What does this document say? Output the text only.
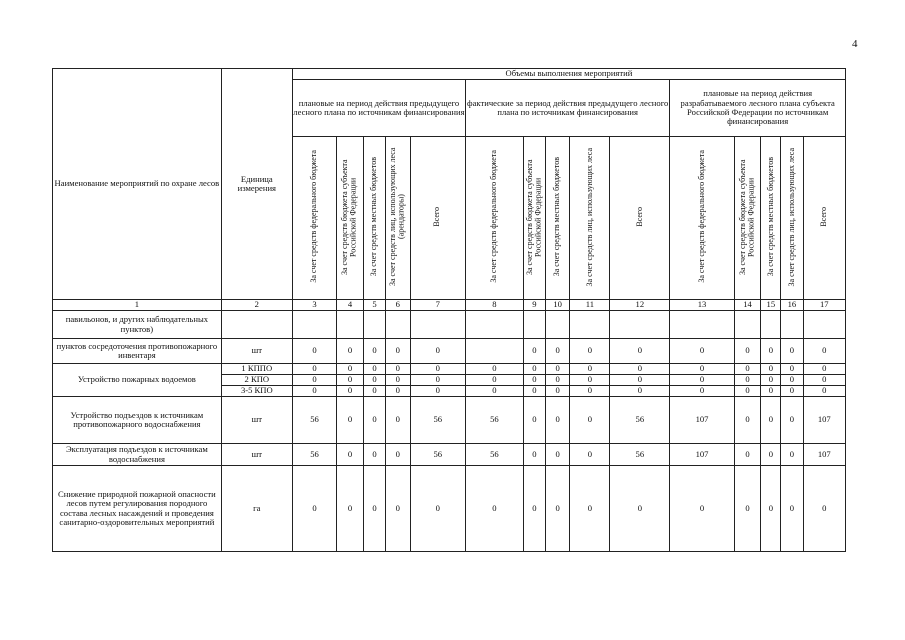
4
Наименование мероприятий по охране лесов	Единица измерения	Объемы выполнения мероприятий														
		плановые на период действия предыдущего лесного плана по источникам финансирования					фактические за период действия предыдущего лесного плана по источникам финансирования					плановые на период действия разрабатываемого лесного плана субъекта Российской Федерации по источникам финансирования				
		За счет средств федерального бюджета	За счет средств бюджета субъекта Российской Федерации	За счет средств местных бюджетов	За счет средств лиц, использующих леса (арендаторы)	Всего	За счет средств федерального бюджета	За счет средств бюджета субъекта Российской Федерации	За счет средств местных бюджетов	За счет средств лиц, использующих леса	Всего	За счет средств федерального бюджета	За счет средств бюджета субъекта Российской Федерации	За счет средств местных бюджетов	За счет средств лиц, использующих леса	Всего
1	2	3	4	5	6	7	8	9	10	11	12	13	14	15	16	17
павильонов, и других наблюдательных пунктов)																
пунктов сосредоточения противопожарного инвентаря	шт	0	0	0	0	0		0	0	0	0	0	0	0	0	0
Устройство пожарных водоемов	1 КППО	0	0	0	0	0	0	0	0	0	0	0	0	0	0	0
	2 КПО	0	0	0	0	0	0	0	0	0	0	0	0	0	0	0
	3-5 КПО	0	0	0	0	0	0	0	0	0	0	0	0	0	0	0
Устройство подъездов к источникам противопожарного водоснабжения	шт	56	0	0	0	56	56	0	0	0	56	107	0	0	0	107
Эксплуатация подъездов к источникам водоснабжения	шт	56	0	0	0	56	56	0	0	0	56	107	0	0	0	107
Снижение природной пожарной опасности лесов путем регулирования породного состава лесных насаждений и проведения санитарно-оздоровительных мероприятий	га	0	0	0	0	0	0	0	0	0	0	0	0	0	0	0
